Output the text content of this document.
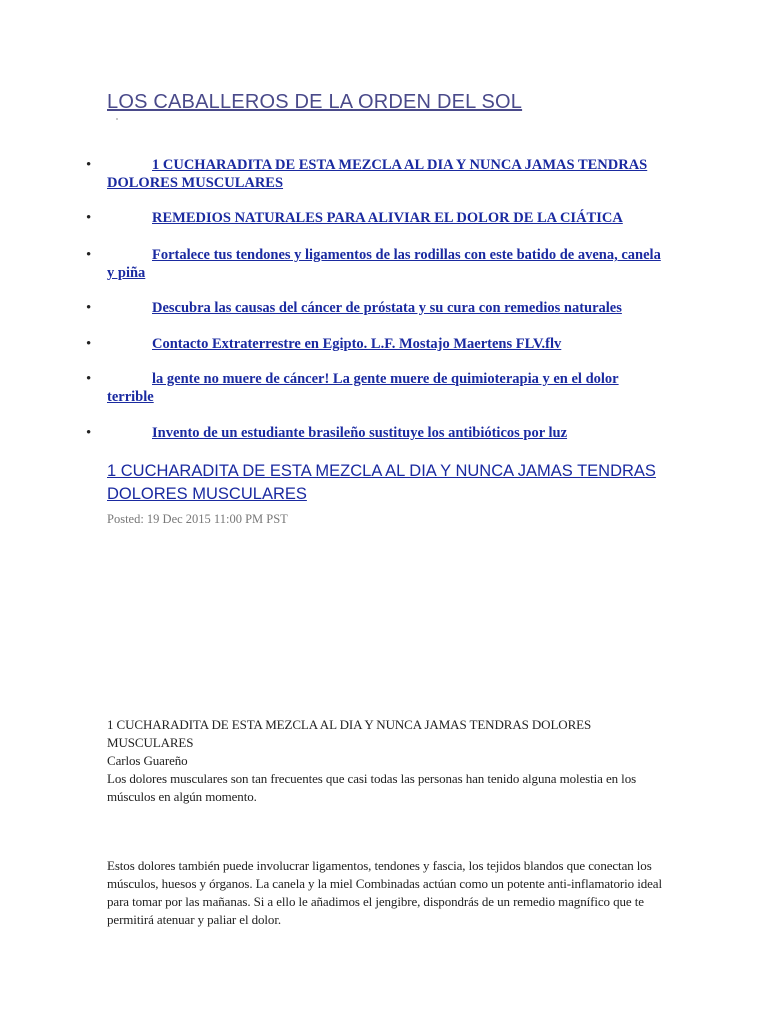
LOS CABALLEROS DE LA ORDEN DEL SOL
•	1 CUCHARADITA DE ESTA MEZCLA AL DIA Y NUNCA JAMAS TENDRAS DOLORES MUSCULARES
•	REMEDIOS NATURALES PARA ALIVIAR EL DOLOR DE LA CIÁTICA
•	Fortalece tus tendones y ligamentos de las rodillas con este batido de avena, canela y piña
•	Descubra las causas del cáncer de próstata y su cura con remedios naturales
•	Contacto Extraterrestre en Egipto. L.F. Mostajo Maertens FLV.flv
•	la gente no muere de cáncer! La gente muere de quimioterapia y en el dolor terrible
•	Invento de un estudiante brasileño sustituye los antibióticos por luz
1 CUCHARADITA DE ESTA MEZCLA AL DIA Y NUNCA JAMAS TENDRAS DOLORES MUSCULARES
Posted: 19 Dec 2015 11:00 PM PST

1 CUCHARADITA DE ESTA MEZCLA AL DIA Y NUNCA JAMAS TENDRAS DOLORES MUSCULARES

Carlos Guareño

Los dolores musculares son tan frecuentes que casi todas las personas han tenido alguna molestia en los músculos en algún momento.

Estos dolores también puede involucrar ligamentos, tendones y fascia, los tejidos blandos que conectan los músculos, huesos y órganos. La canela y la miel Combinadas actúan como un potente anti-inflamatorio ideal para tomar por las mañanas. Si a ello le añadimos el jengibre, dispondrás de un remedio magnífico que te permitirá atenuar y paliar el dolor.
